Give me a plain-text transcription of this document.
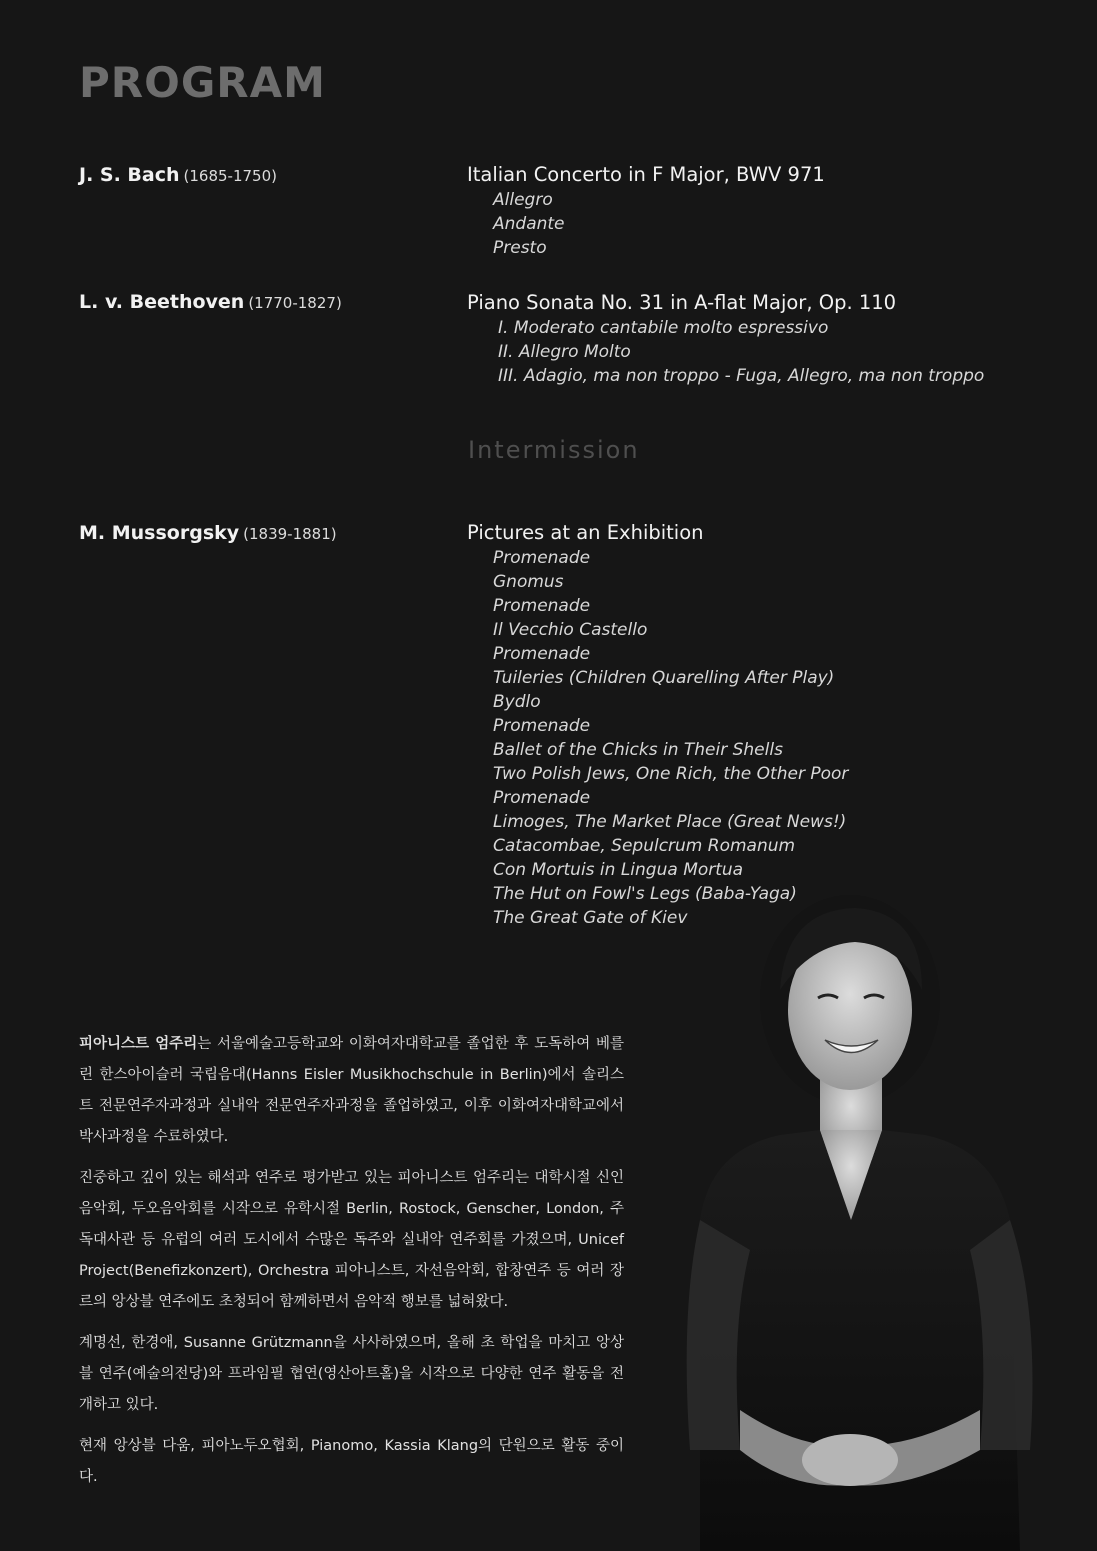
PROGRAM
J. S. Bach (1685-1750)	Italian Concerto in F Major, BWV 971
Allegro
Andante
Presto
L. v. Beethoven (1770-1827)	Piano Sonata No. 31 in A-flat Major, Op. 110
I. Moderato cantabile molto espressivo
II. Allegro Molto
III. Adagio, ma non troppo - Fuga, Allegro, ma non troppo
Intermission
M. Mussorgsky (1839-1881)	Pictures at an Exhibition
Promenade
Gnomus
Promenade
Il Vecchio Castello
Promenade
Tuileries (Children Quarelling After Play)
Bydlo
Promenade
Ballet of the Chicks in Their Shells
Two Polish Jews, One Rich, the Other Poor
Promenade
Limoges, The Market Place (Great News!)
Catacombae, Sepulcrum Romanum
Con Mortuis in Lingua Mortua
The Hut on Fowl's Legs (Baba-Yaga)
The Great Gate of Kiev

피아니스트 엄주리는 서울예술고등학교와 이화여자대학교를 졸업한 후 도독하여 베를린 한스아이슬러 국립음대(Hanns Eisler Musikhochschule in Berlin)에서 솔리스트 전문연주자과정과 실내악 전문연주자과정을 졸업하였고, 이후 이화여자대학교에서 박사과정을 수료하였다.

진중하고 깊이 있는 해석과 연주로 평가받고 있는 피아니스트 엄주리는 대학시절 신인음악회, 두오음악회를 시작으로 유학시절 Berlin, Rostock, Genscher, London, 주독대사관 등 유럽의 여러 도시에서 수많은 독주와 실내악 연주회를 가졌으며, Unicef Project(Benefizkonzert), Orchestra 피아니스트, 자선음악회, 합창연주 등 여러 장르의 앙상블 연주에도 초청되어 함께하면서 음악적 행보를 넓혀왔다.

계명선, 한경애, Susanne Grützmann을 사사하였으며, 올해 초 학업을 마치고 앙상블 연주(예술의전당)와 프라임필 협연(영산아트홀)을 시작으로 다양한 연주 활동을 전개하고 있다.

현재 앙상블 다움, 피아노두오협회, Pianomo, Kassia Klang의 단원으로 활동 중이다.
